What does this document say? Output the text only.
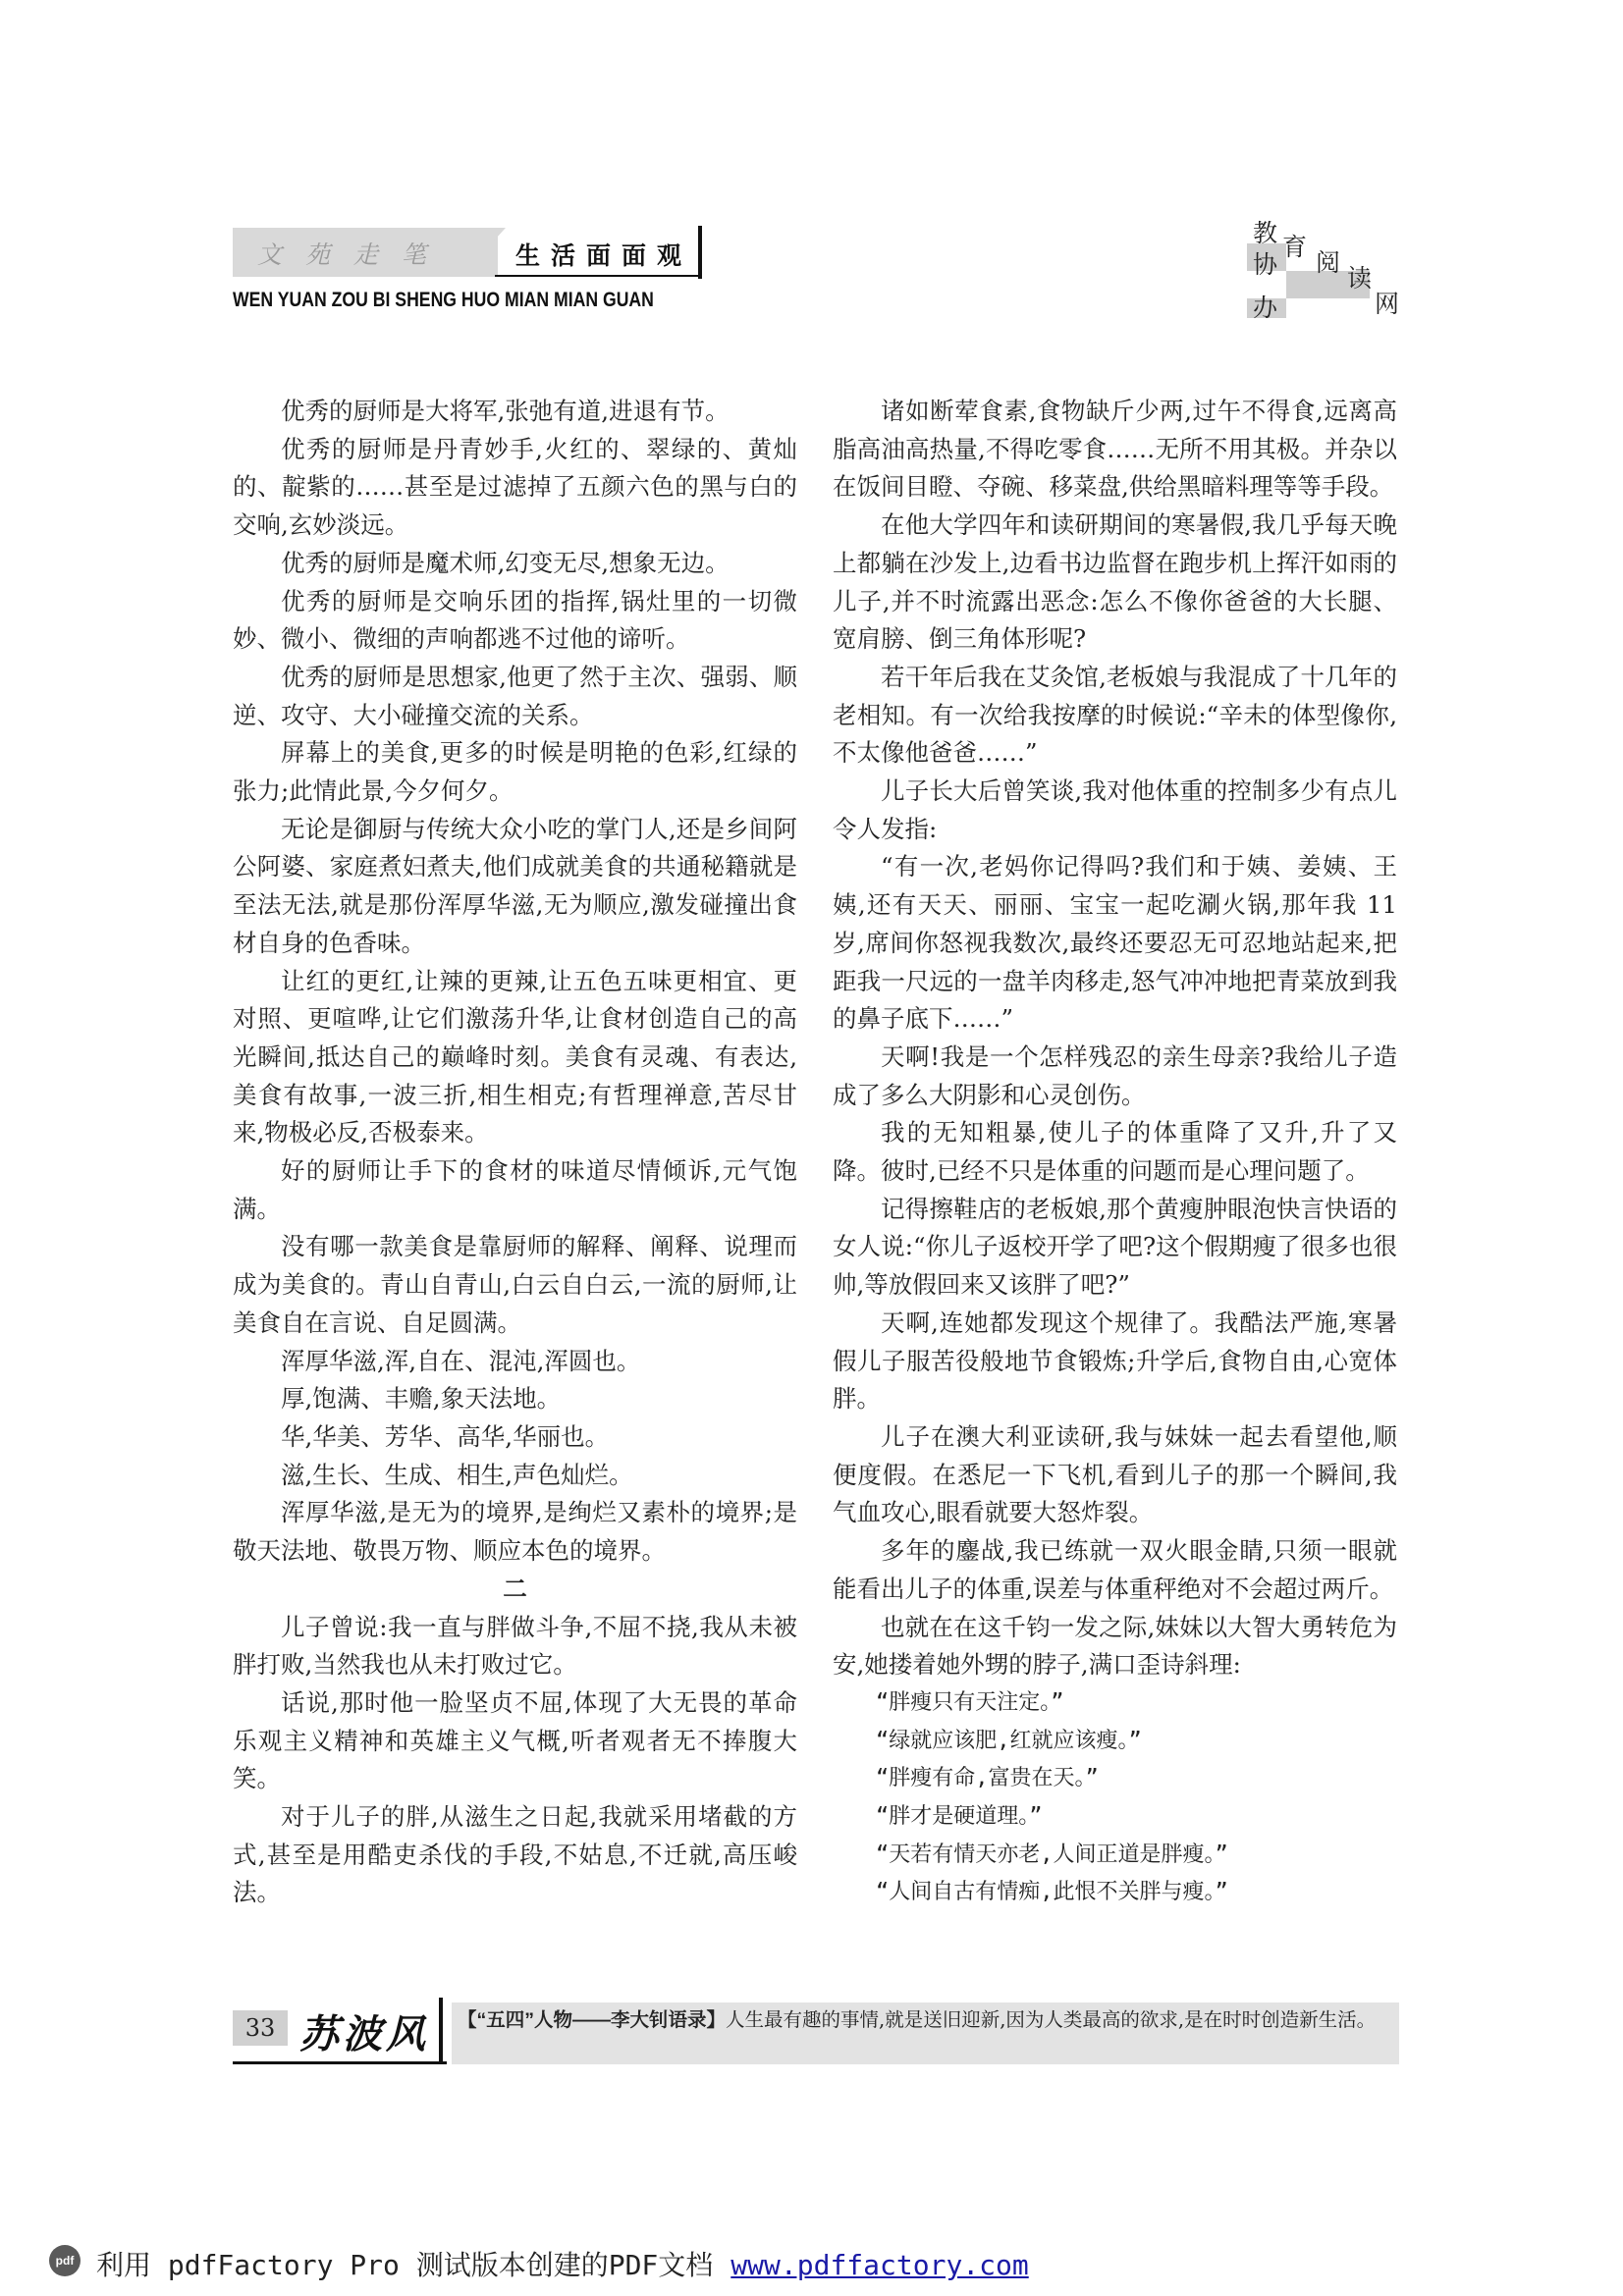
文苑走笔	生活面面观
WEN YUAN ZOU BI SHENG HUO MIAN MIAN GUAN
教 育
协 阅
读
办	网

优秀的厨师是大将军,张弛有道,进退有节。

优秀的厨师是丹青妙手,火红的、翠绿的、黄灿的、靛紫的……甚至是过滤掉了五颜六色的黑与白的交响,玄妙淡远。

优秀的厨师是魔术师,幻变无尽,想象无边。

优秀的厨师是交响乐团的指挥,锅灶里的一切微妙、微小、微细的声响都逃不过他的谛听。

优秀的厨师是思想家,他更了然于主次、强弱、顺逆、攻守、大小碰撞交流的关系。

屏幕上的美食,更多的时候是明艳的色彩,红绿的张力;此情此景,今夕何夕。

无论是御厨与传统大众小吃的掌门人,还是乡间阿公阿婆、家庭煮妇煮夫,他们成就美食的共通秘籍就是至法无法,就是那份浑厚华滋,无为顺应,激发碰撞出食材自身的色香味。

让红的更红,让辣的更辣,让五色五味更相宜、更对照、更喧哗,让它们激荡升华,让食材创造自己的高光瞬间,抵达自己的巅峰时刻。美食有灵魂、有表达,美食有故事,一波三折,相生相克;有哲理禅意,苦尽甘来,物极必反,否极泰来。

好的厨师让手下的食材的味道尽情倾诉,元气饱满。

没有哪一款美食是靠厨师的解释、阐释、说理而成为美食的。青山自青山,白云自白云,一流的厨师,让美食自在言说、自足圆满。

浑厚华滋,浑,自在、混沌,浑圆也。

厚,饱满、丰赡,象天法地。

华,华美、芳华、高华,华丽也。

滋,生长、生成、相生,声色灿烂。

浑厚华滋,是无为的境界,是绚烂又素朴的境界;是敬天法地、敬畏万物、顺应本色的境界。

二

儿子曾说:我一直与胖做斗争,不屈不挠,我从未被胖打败,当然我也从未打败过它。

话说,那时他一脸坚贞不屈,体现了大无畏的革命乐观主义精神和英雄主义气概,听者观者无不捧腹大笑。

对于儿子的胖,从滋生之日起,我就采用堵截的方式,甚至是用酷吏杀伐的手段,不姑息,不迁就,高压峻法。

诸如断荤食素,食物缺斤少两,过午不得食,远离高脂高油高热量,不得吃零食……无所不用其极。并杂以在饭间目瞪、夺碗、移菜盘,供给黑暗料理等等手段。

在他大学四年和读研期间的寒暑假,我几乎每天晚上都躺在沙发上,边看书边监督在跑步机上挥汗如雨的儿子,并不时流露出恶念:怎么不像你爸爸的大长腿、宽肩膀、倒三角体形呢?

若干年后我在艾灸馆,老板娘与我混成了十几年的老相知。有一次给我按摩的时候说:“辛未的体型像你,不太像他爸爸……”

儿子长大后曾笑谈,我对他体重的控制多少有点儿令人发指:

“有一次,老妈你记得吗?我们和于姨、姜姨、王姨,还有天天、丽丽、宝宝一起吃涮火锅,那年我 11 岁,席间你怒视我数次,最终还要忍无可忍地站起来,把距我一尺远的一盘羊肉移走,怒气冲冲地把青菜放到我的鼻子底下……”

天啊!我是一个怎样残忍的亲生母亲?我给儿子造成了多么大阴影和心灵创伤。

我的无知粗暴,使儿子的体重降了又升,升了又降。彼时,已经不只是体重的问题而是心理问题了。

记得擦鞋店的老板娘,那个黄瘦肿眼泡快言快语的女人说:“你儿子返校开学了吧?这个假期瘦了很多也很帅,等放假回来又该胖了吧?”

天啊,连她都发现这个规律了。我酷法严施,寒暑假儿子服苦役般地节食锻炼;升学后,食物自由,心宽体胖。

儿子在澳大利亚读研,我与妹妹一起去看望他,顺便度假。在悉尼一下飞机,看到儿子的那一个瞬间,我气血攻心,眼看就要大怒炸裂。

多年的鏖战,我已练就一双火眼金睛,只须一眼就能看出儿子的体重,误差与体重秤绝对不会超过两斤。

也就在在这千钧一发之际,妹妹以大智大勇转危为安,她搂着她外甥的脖子,满口歪诗斜理:

“胖瘦只有天注定。”

“绿就应该肥,红就应该瘦。”

“胖瘦有命,富贵在天。”

“胖才是硬道理。”

“天若有情天亦老,人间正道是胖瘦。”

“人间自古有情痴,此恨不关胖与瘦。”

33 苏波风 【“五四”人物——李大钊语录】人生最有趣的事情,就是送旧迎新,因为人类最高的欲求,是在时时创造新生活。
pdf 利用 pdfFactory Pro 测试版本创建的PDF文档 www.pdffactory.com
